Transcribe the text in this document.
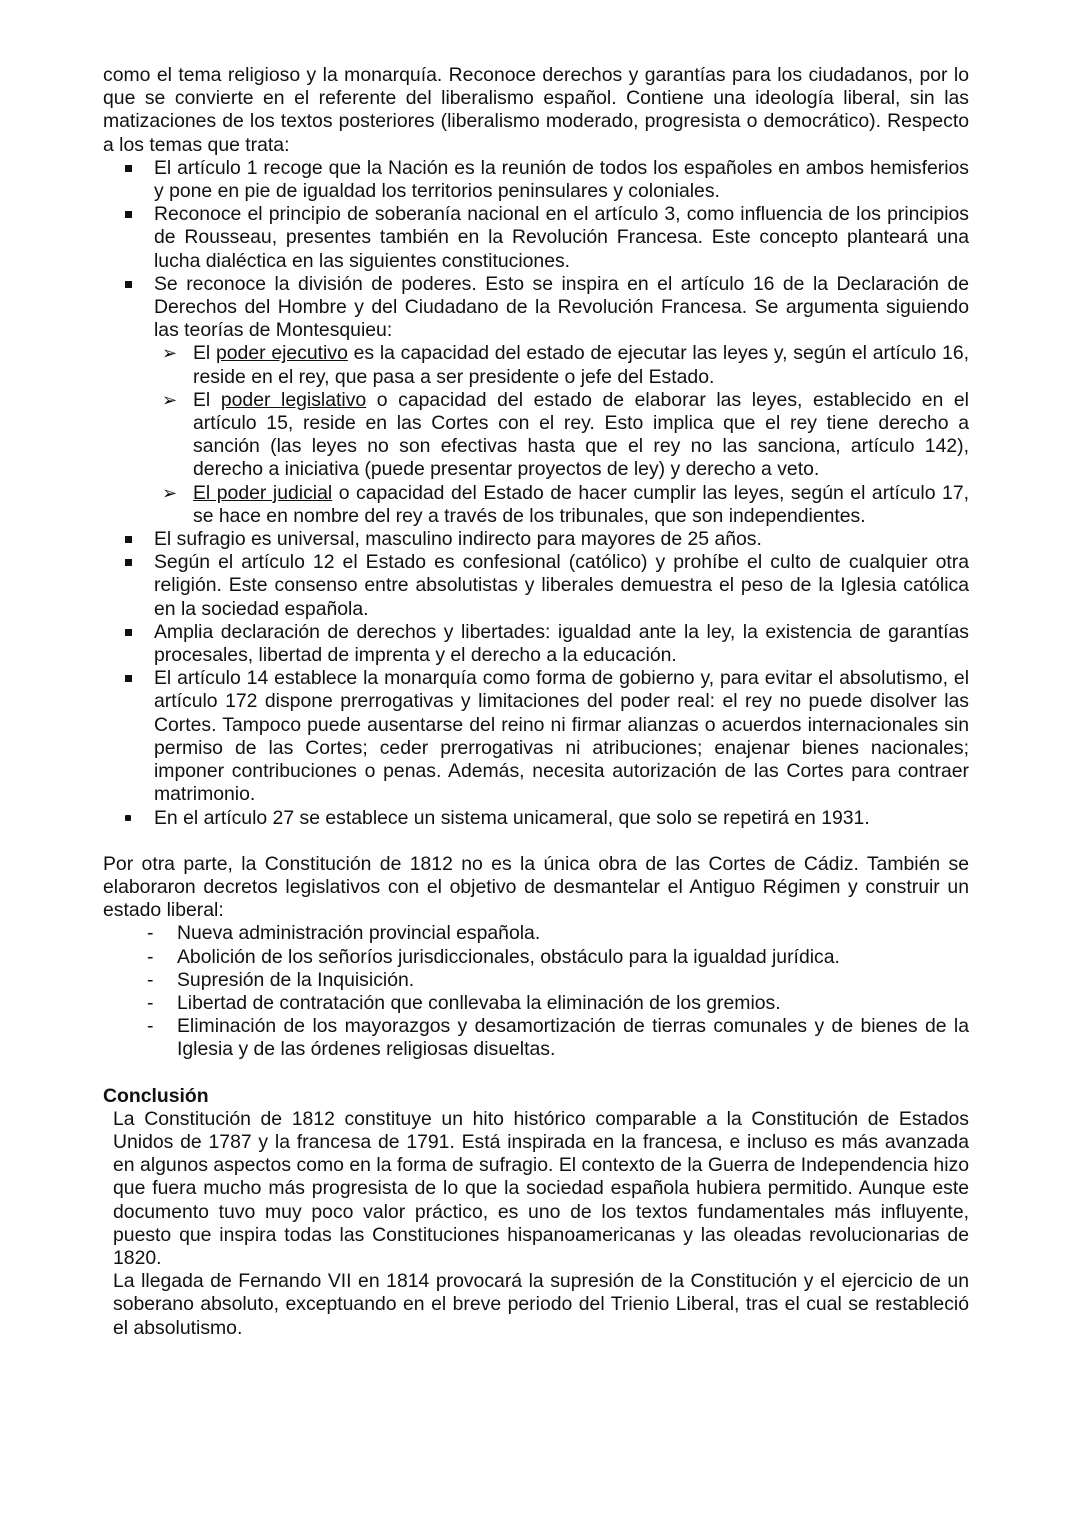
como el tema religioso y la monarquía. Reconoce derechos y garantías para los ciudadanos, por lo que se convierte en el referente del liberalismo español. Contiene una ideología liberal, sin las matizaciones de los textos posteriores (liberalismo moderado, progresista o democrático). Respecto a los temas que trata:

El artículo 1 recoge que la Nación es la reunión de todos los españoles en ambos hemisferios y pone en pie de igualdad los territorios peninsulares y coloniales.
Reconoce el principio de soberanía nacional en el artículo 3, como influencia de los principios de Rousseau, presentes también en la Revolución Francesa. Este concepto planteará una lucha dialéctica en las siguientes constituciones.
Se reconoce la división de poderes. Esto se inspira en el artículo 16 de la Declaración de Derechos del Hombre y del Ciudadano de la Revolución Francesa. Se argumenta siguiendo las teorías de Montesquieu:
➢ El poder ejecutivo es la capacidad del estado de ejecutar las leyes y, según el artículo 16, reside en el rey, que pasa a ser presidente o jefe del Estado.
➢ El poder legislativo o capacidad del estado de elaborar las leyes, establecido en el artículo 15, reside en las Cortes con el rey. Esto implica que el rey tiene derecho a sanción (las leyes no son efectivas hasta que el rey no las sanciona, artículo 142), derecho a iniciativa (puede presentar proyectos de ley) y derecho a veto.
➢ El poder judicial o capacidad del Estado de hacer cumplir las leyes, según el artículo 17, se hace en nombre del rey a través de los tribunales, que son independientes.
El sufragio es universal, masculino indirecto para mayores de 25 años.
Según el artículo 12 el Estado es confesional (católico) y prohíbe el culto de cualquier otra religión. Este consenso entre absolutistas y liberales demuestra el peso de la Iglesia católica en la sociedad española.
Amplia declaración de derechos y libertades: igualdad ante la ley, la existencia de garantías procesales, libertad de imprenta y el derecho a la educación.
El artículo 14 establece la monarquía como forma de gobierno y, para evitar el absolutismo, el artículo 172 dispone prerrogativas y limitaciones del poder real: el rey no puede disolver las Cortes. Tampoco puede ausentarse del reino ni firmar alianzas o acuerdos internacionales sin permiso de las Cortes; ceder prerrogativas ni atribuciones; enajenar bienes nacionales; imponer contribuciones o penas. Además, necesita autorización de las Cortes para contraer matrimonio.
En el artículo 27 se establece un sistema unicameral, que solo se repetirá en 1931.

Por otra parte, la Constitución de 1812 no es la única obra de las Cortes de Cádiz. También se elaboraron decretos legislativos con el objetivo de desmantelar el Antiguo Régimen y construir un estado liberal:

- Nueva administración provincial española.
- Abolición de los señoríos jurisdiccionales, obstáculo para la igualdad jurídica.
- Supresión de la Inquisición.
- Libertad de contratación que conllevaba la eliminación de los gremios.
- Eliminación de los mayorazgos y desamortización de tierras comunales y de bienes de la Iglesia y de las órdenes religiosas disueltas.

Conclusión

La Constitución de 1812 constituye un hito histórico comparable a la Constitución de Estados Unidos de 1787 y la francesa de 1791. Está inspirada en la francesa, e incluso es más avanzada en algunos aspectos como en la forma de sufragio. El contexto de la Guerra de Independencia hizo que fuera mucho más progresista de lo que la sociedad española hubiera permitido. Aunque este documento tuvo muy poco valor práctico, es uno de los textos fundamentales más influyente, puesto que inspira todas las Constituciones hispanoamericanas y las oleadas revolucionarias de 1820.

La llegada de Fernando VII en 1814 provocará la supresión de la Constitución y el ejercicio de un soberano absoluto, exceptuando en el breve periodo del Trienio Liberal, tras el cual se restableció el absolutismo.
